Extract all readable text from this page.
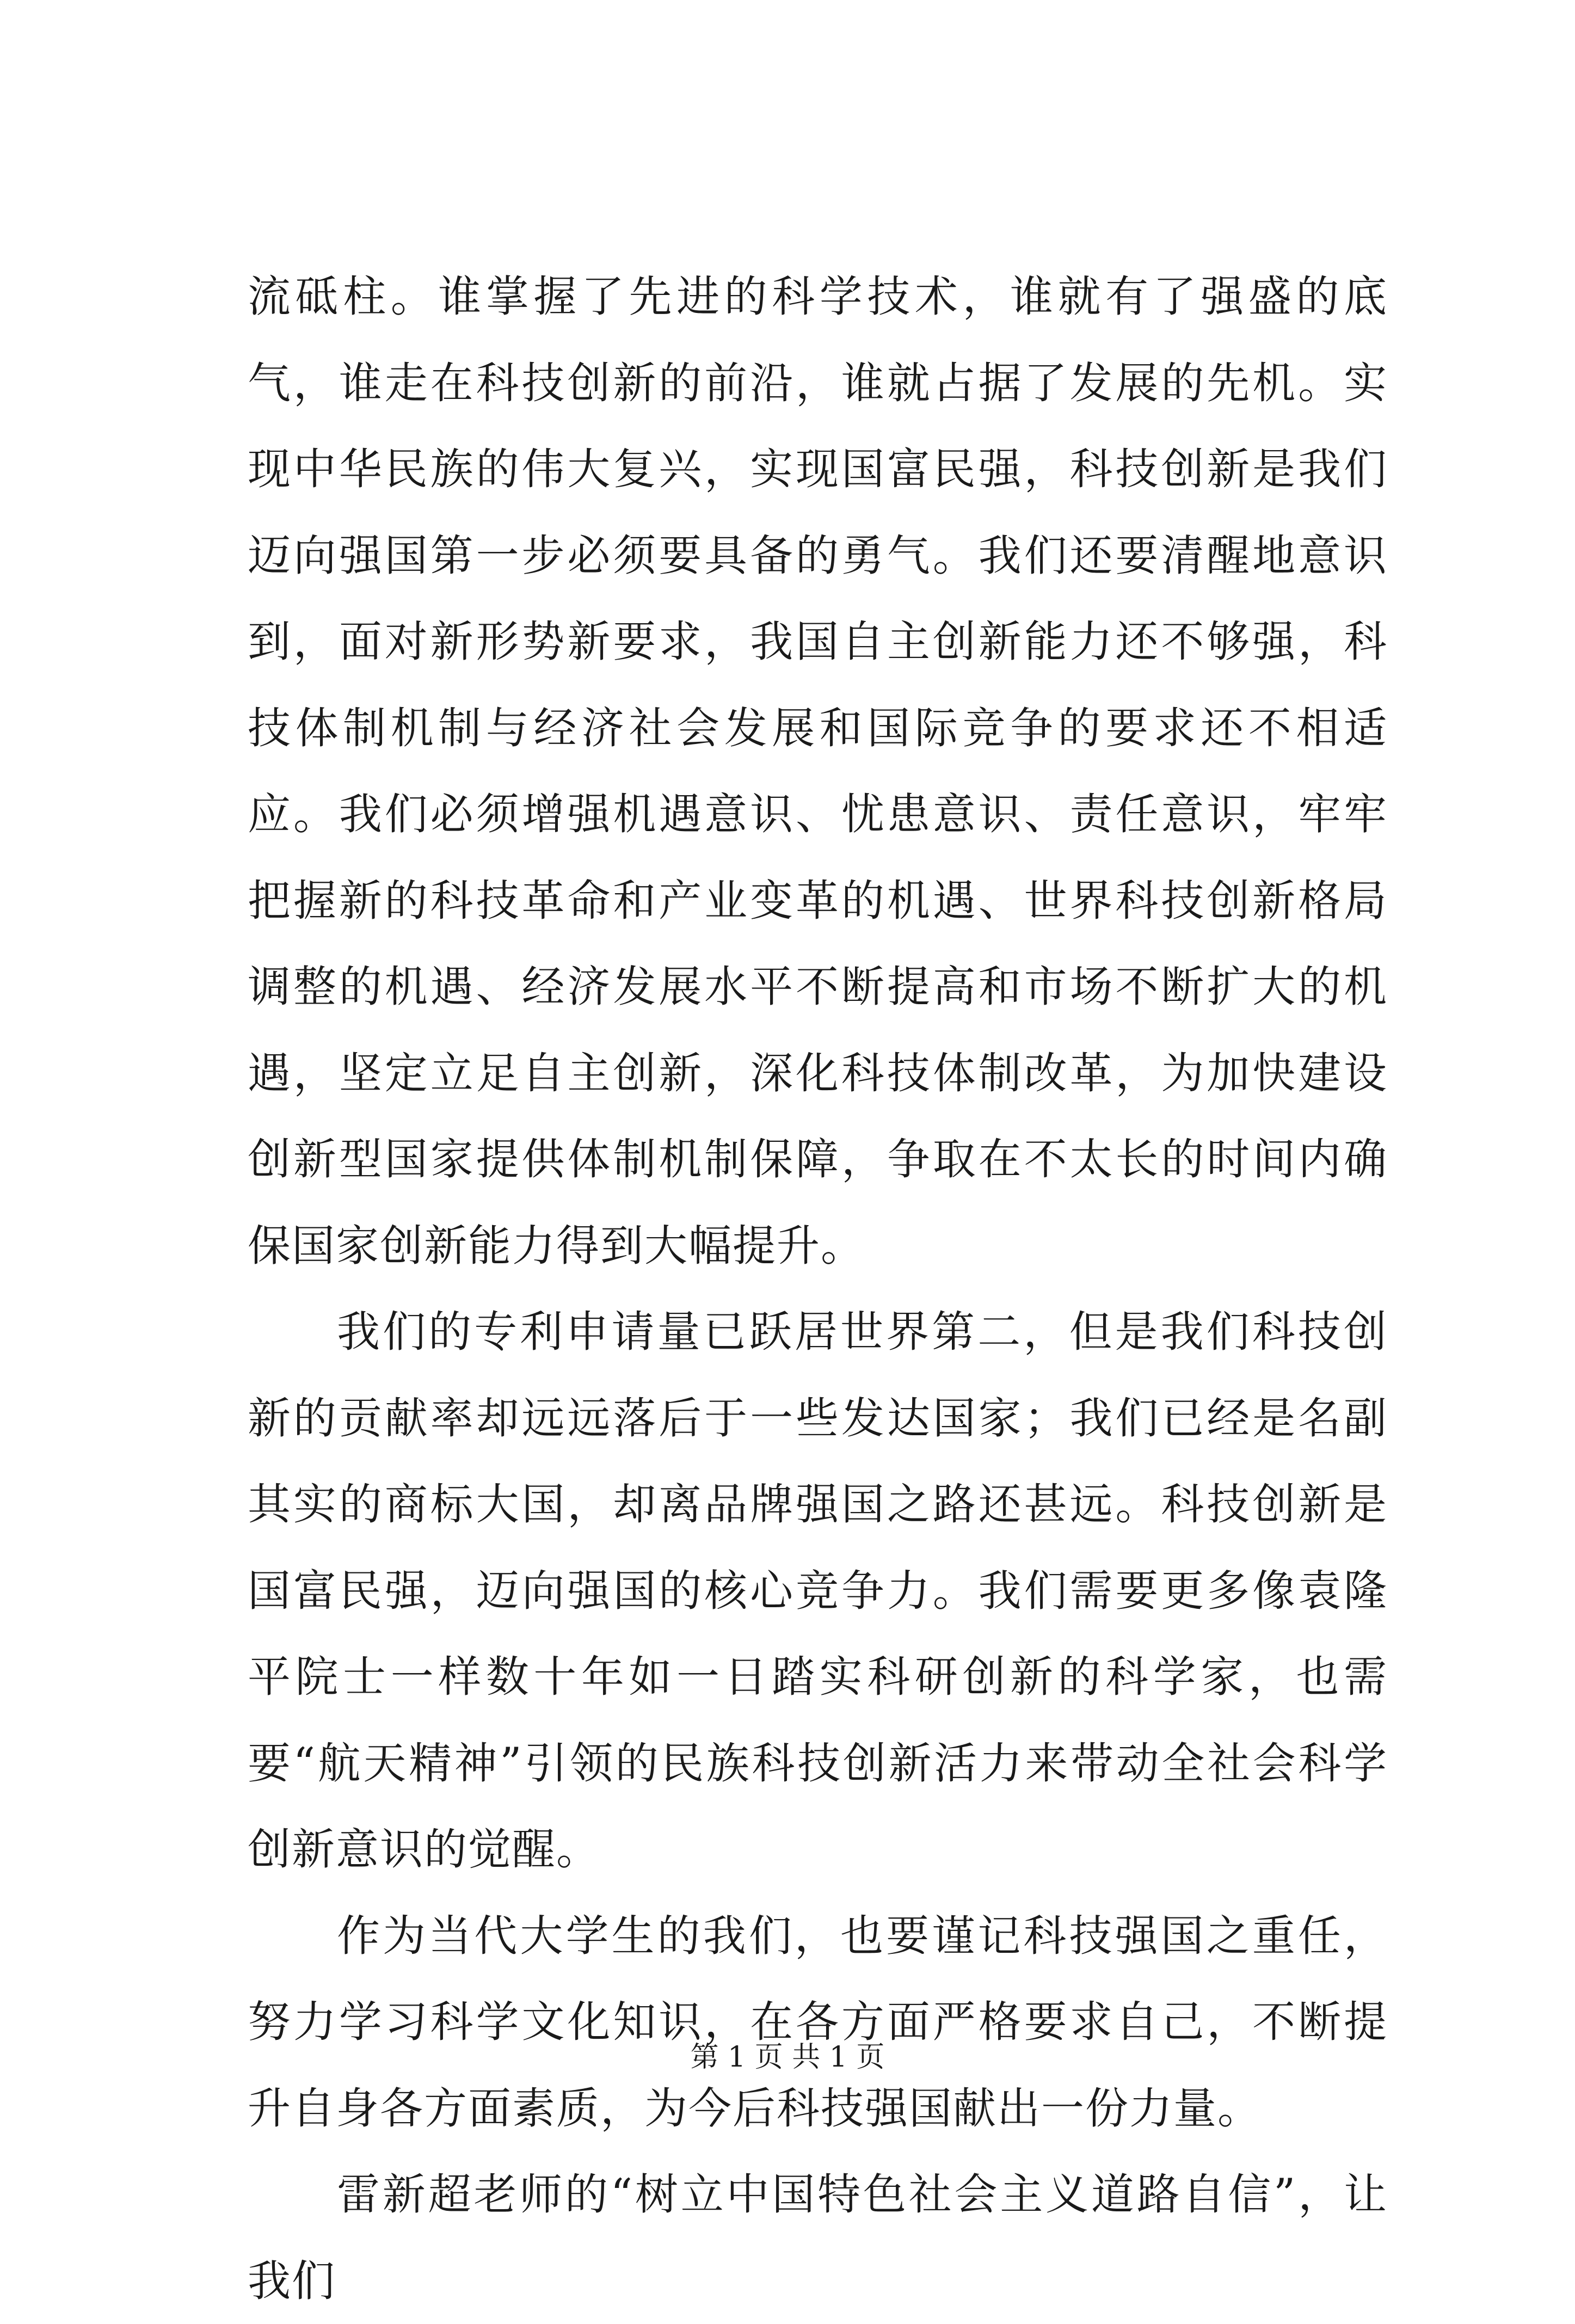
流砥柱。谁掌握了先进的科学技术，谁就有了强盛的底气，谁走在科技创新的前沿，谁就占据了发展的先机。实现中华民族的伟大复兴，实现国富民强，科技创新是我们迈向强国第一步必须要具备的勇气。我们还要清醒地意识到，面对新形势新要求，我国自主创新能力还不够强，科技体制机制与经济社会发展和国际竞争的要求还不相适应。我们必须增强机遇意识、忧患意识、责任意识，牢牢把握新的科技革命和产业变革的机遇、世界科技创新格局调整的机遇、经济发展水平不断提高和市场不断扩大的机遇，坚定立足自主创新，深化科技体制改革，为加快建设创新型国家提供体制机制保障，争取在不太长的时间内确保国家创新能力得到大幅提升。

我们的专利申请量已跃居世界第二，但是我们科技创新的贡献率却远远落后于一些发达国家；我们已经是名副其实的商标大国，却离品牌强国之路还甚远。科技创新是国富民强，迈向强国的核心竞争力。我们需要更多像袁隆平院士一样数十年如一日踏实科研创新的科学家，也需要“航天精神”引领的民族科技创新活力来带动全社会科学创新意识的觉醒。

作为当代大学生的我们，也要谨记科技强国之重任，努力学习科学文化知识，在各方面严格要求自己，不断提升自身各方面素质，为今后科技强国献出一份力量。

雷新超老师的“树立中国特色社会主义道路自信”，让我们

第 1 页 共 1 页
